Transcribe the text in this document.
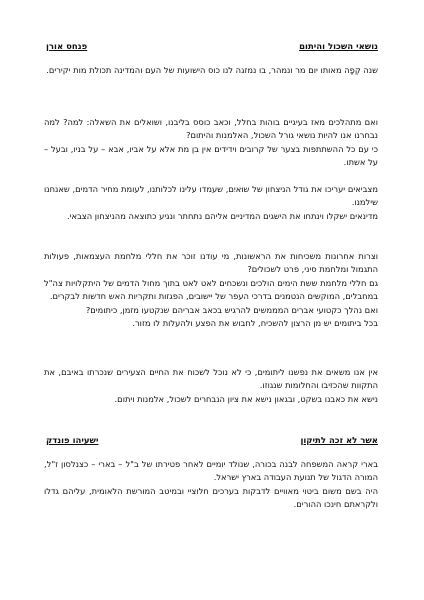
נושאי השכול והיתום
פנחס אורן

שנה קְפָה מאותו יום מר ונמהר, בו נמזגה לנו כוס הישועות של העם והמדינה תכולת מות יקירים.

ואם מתהלכים מאז בעיגיים בוהות בחלל, וכאב כוסס בליבנו, ושואלים את השאלה: למה? למה נבחרנו אנו להיות נושאי גורל השכול, האלמנות והיתום?

כי עם כל ההשתתפות בצער של קרובים וידידים אין בן מת אלא על אביו, אבא – על בניו, ובעל – על אשתו.

מצביאים יעריכו את גודל הניצחון של שוּאיִם, שעמדו עלינו לכלותנו, לעומת מחיר הדמים, שאנחנו שילמנו.

מדינאים ישקלו וינתחו את הישגים המדיניים אליהם נתחתר ונגיע כתוצאה מהניצחון הצבאי.

וצרות אחרונות משכיחות את הראשונות, מי עודנו זוכר את חללי מלחמת העצמאות, פעולות התגמול ומלחמת סיני, פרט לשכולים?

גם חללי מלחמת ששת הימים הולכים ונשכחים לאט לאט בתוך מחול הדמים של היתקלויות צה"ל במחבלים, המוקשים הנטמנים בדרכי העפר של יישובים, הפגזות ותקריות האש חדשות לבקרים.

ואם נהלך כקטועי אברים המממשים להרגיש בכאב אבריהם שנקטעו מזמן, כיתומים?

בכל ביתומים יש מן הרצון להשכיח, לחבוש את הפצע ולהעלות לו מזור.

אין אנו משאים את נפשנו ליתומים, כי לא נוכל לשכוח את החיים הצעירים שנכרתו באיבם, את התקוות שהכזיבו והחלומות שנגוזו.

נישא את כאבנו בשקט, ובגאון נישא את ציון הנבחרים לשכול, אלמנות ויתום.

אשר לא זכה לתיקון
ישעיהו פונדק

בארי קראה המשפחה לבנה בכורה, שנולד יומיים לאחר פטירתו של ב"ל – בארי – כצנלסון ז"ל, המורה הדגול של תנועת העבודה בארץ ישראל.

היה בשם משום ביטוי מאוויים לדבקות בערכים חלוציי ובמיטב המורשת הלאומית, עליהם גדלו ולקראתם חינכו ההורים.
